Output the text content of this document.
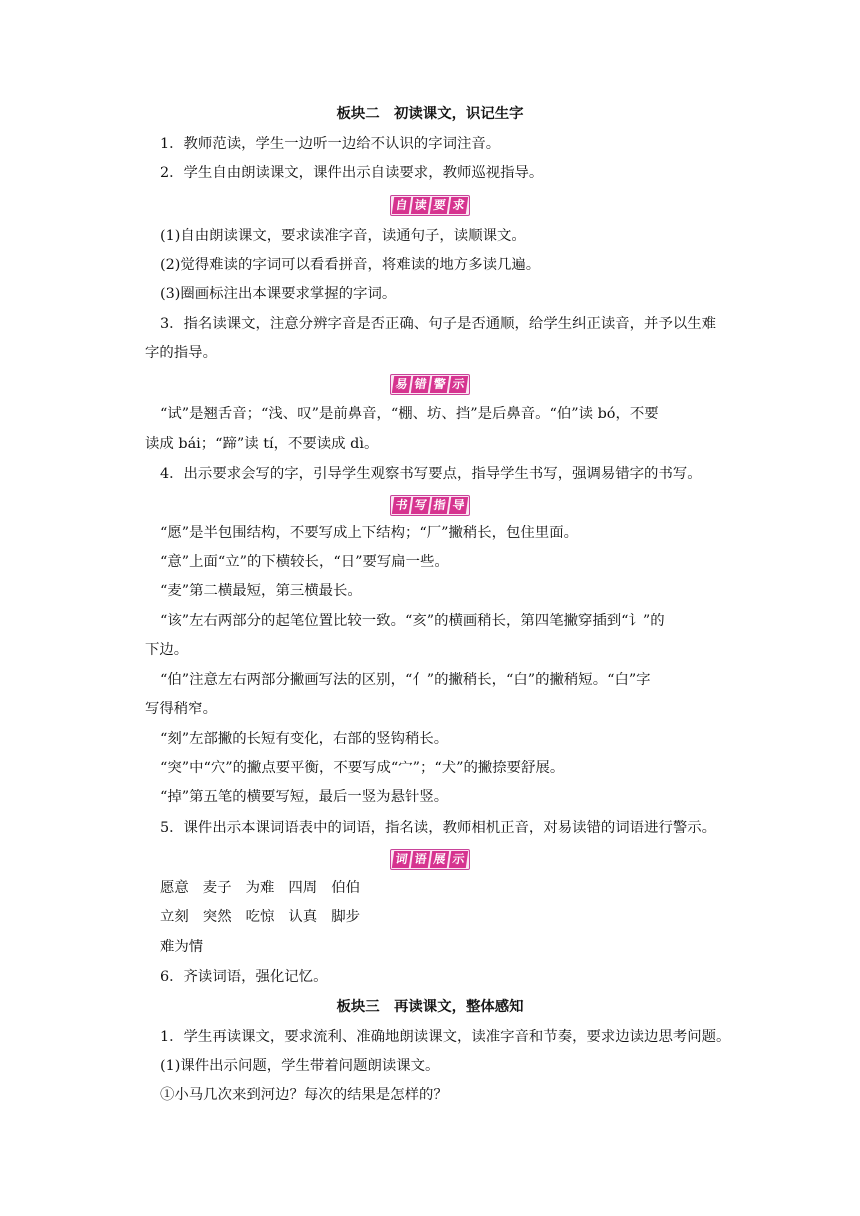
板块二　初读课文，识记生字
1．教师范读，学生一边听一边给不认识的字词注音。
2．学生自由朗读课文，课件出示自读要求，教师巡视指导。
自 读 要 求
(1)自由朗读课文，要求读准字音，读通句子，读顺课文。
(2)觉得难读的字词可以看看拼音，将难读的地方多读几遍。
(3)圈画标注出本课要求掌握的字词。
3．指名读课文，注意分辨字音是否正确、句子是否通顺，给学生纠正读音，并予以生难
字的指导。
易 错 警 示
“试”是翘舌音；“浅、叹”是前鼻音，“棚、坊、挡”是后鼻音。“伯”读 bó，不要
读成 bái；“蹄”读 tí，不要读成 dì。
4．出示要求会写的字，引导学生观察书写要点，指导学生书写，强调易错字的书写。
书 写 指 导
“愿”是半包围结构，不要写成上下结构；“厂”撇稍长，包住里面。
“意”上面“立”的下横较长，“日”要写扁一些。
“麦”第二横最短，第三横最长。
“该”左右两部分的起笔位置比较一致。“亥”的横画稍长，第四笔撇穿插到“讠”的
下边。
“伯”注意左右两部分撇画写法的区别，“亻”的撇稍长，“白”的撇稍短。“白”字
写得稍窄。
“刻”左部撇的长短有变化，右部的竖钩稍长。
“突”中“穴”的撇点要平衡，不要写成“宀”；“犬”的撇捺要舒展。
“掉”第五笔的横要写短，最后一竖为悬针竖。
5．课件出示本课词语表中的词语，指名读，教师相机正音，对易读错的词语进行警示。
词 语 展 示
愿意 麦子 为难 四周 伯伯
立刻 突然 吃惊 认真 脚步
难为情
6．齐读词语，强化记忆。
板块三　再读课文，整体感知
1．学生再读课文，要求流利、准确地朗读课文，读准字音和节奏，要求边读边思考问题。
(1)课件出示问题，学生带着问题朗读课文。
①小马几次来到河边？每次的结果是怎样的？
